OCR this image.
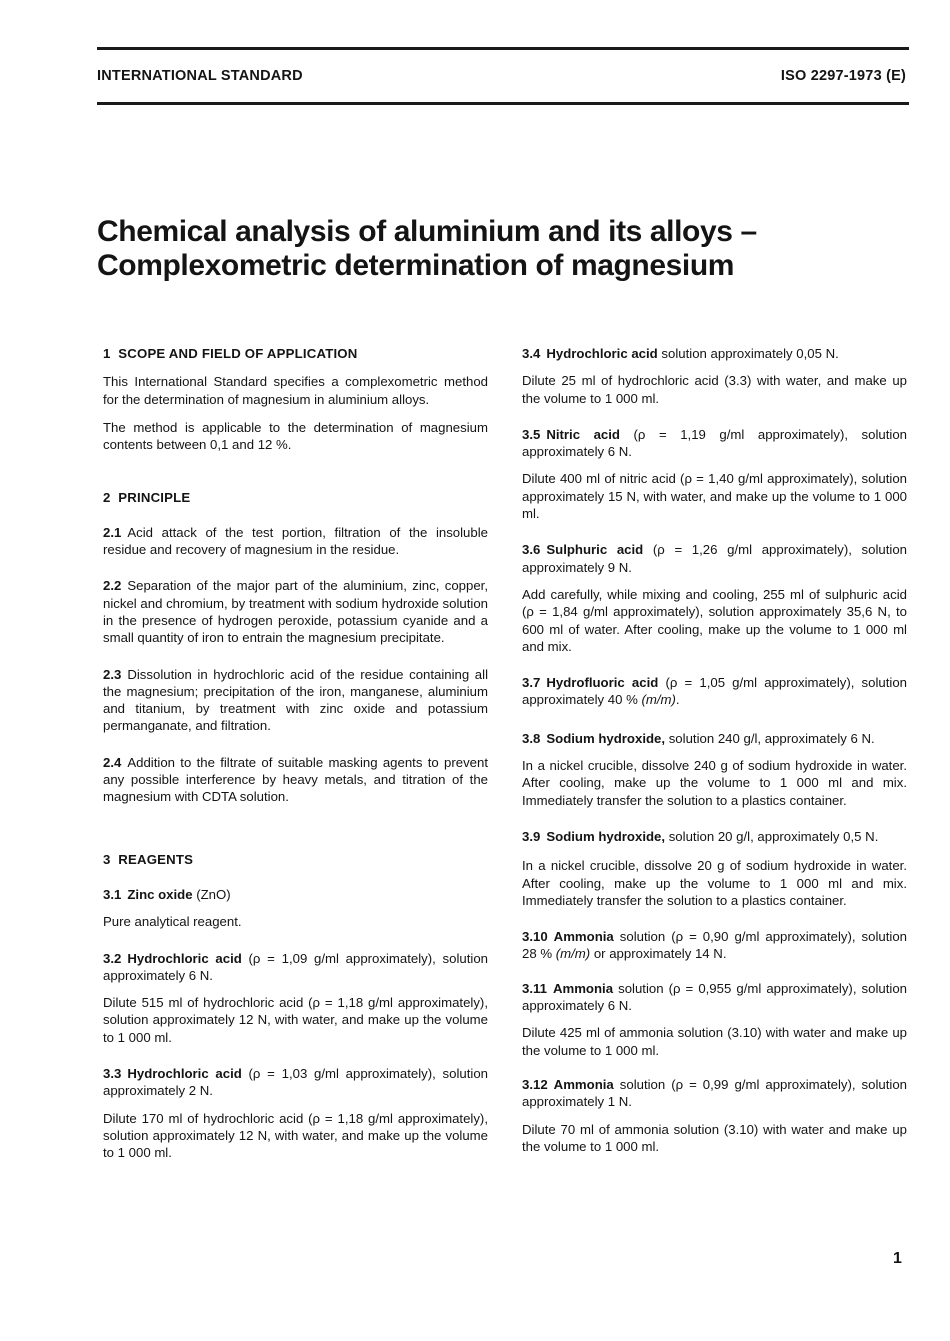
INTERNATIONAL STANDARD	ISO 2297-1973 (E)
Chemical analysis of aluminium and its alloys –
Complexometric determination of magnesium
1  SCOPE AND FIELD OF APPLICATION

This International Standard specifies a complexometric method for the determination of magnesium in aluminium alloys.

The method is applicable to the determination of magnesium contents between 0,1 and 12 %.

2  PRINCIPLE

2.1 Acid attack of the test portion, filtration of the insoluble residue and recovery of magnesium in the residue.

2.2 Separation of the major part of the aluminium, zinc, copper, nickel and chromium, by treatment with sodium hydroxide solution in the presence of hydrogen peroxide, potassium cyanide and a small quantity of iron to entrain the magnesium precipitate.

2.3 Dissolution in hydrochloric acid of the residue containing all the magnesium; precipitation of the iron, manganese, aluminium and titanium, by treatment with zinc oxide and potassium permanganate, and filtration.

2.4 Addition to the filtrate of suitable masking agents to prevent any possible interference by heavy metals, and titration of the magnesium with CDTA solution.

3  REAGENTS

3.1 Zinc oxide (ZnO)

Pure analytical reagent.

3.2 Hydrochloric acid (ρ = 1,09 g/ml approximately), solution approximately 6 N.

Dilute 515 ml of hydrochloric acid (ρ = 1,18 g/ml approximately), solution approximately 12 N, with water, and make up the volume to 1 000 ml.

3.3 Hydrochloric acid (ρ = 1,03 g/ml approximately), solution approximately 2 N.

Dilute 170 ml of hydrochloric acid (ρ = 1,18 g/ml approximately), solution approximately 12 N, with water, and make up the volume to 1 000 ml.

3.4 Hydrochloric acid solution approximately 0,05 N.

Dilute 25 ml of hydrochloric acid (3.3) with water, and make up the volume to 1 000 ml.

3.5 Nitric acid (ρ = 1,19 g/ml approximately), solution approximately 6 N.

Dilute 400 ml of nitric acid (ρ = 1,40 g/ml approximately), solution approximately 15 N, with water, and make up the volume to 1 000 ml.

3.6 Sulphuric acid (ρ = 1,26 g/ml approximately), solution approximately 9 N.

Add carefully, while mixing and cooling, 255 ml of sulphuric acid (ρ = 1,84 g/ml approximately), solution approximately 35,6 N, to 600 ml of water. After cooling, make up the volume to 1 000 ml and mix.

3.7 Hydrofluoric acid (ρ = 1,05 g/ml approximately), solution approximately 40 % (m/m).

3.8 Sodium hydroxide, solution 240 g/l, approximately 6 N.

In a nickel crucible, dissolve 240 g of sodium hydroxide in water. After cooling, make up the volume to 1 000 ml and mix. Immediately transfer the solution to a plastics container.

3.9 Sodium hydroxide, solution 20 g/l, approximately 0,5 N.

In a nickel crucible, dissolve 20 g of sodium hydroxide in water. After cooling, make up the volume to 1 000 ml and mix. Immediately transfer the solution to a plastics container.

3.10 Ammonia solution (ρ = 0,90 g/ml approximately), solution 28 % (m/m) or approximately 14 N.

3.11 Ammonia solution (ρ = 0,955 g/ml approximately), solution approximately 6 N.

Dilute 425 ml of ammonia solution (3.10) with water and make up the volume to 1 000 ml.

3.12 Ammonia solution (ρ = 0,99 g/ml approximately), solution approximately 1 N.

Dilute 70 ml of ammonia solution (3.10) with water and make up the volume to 1 000 ml.

1
